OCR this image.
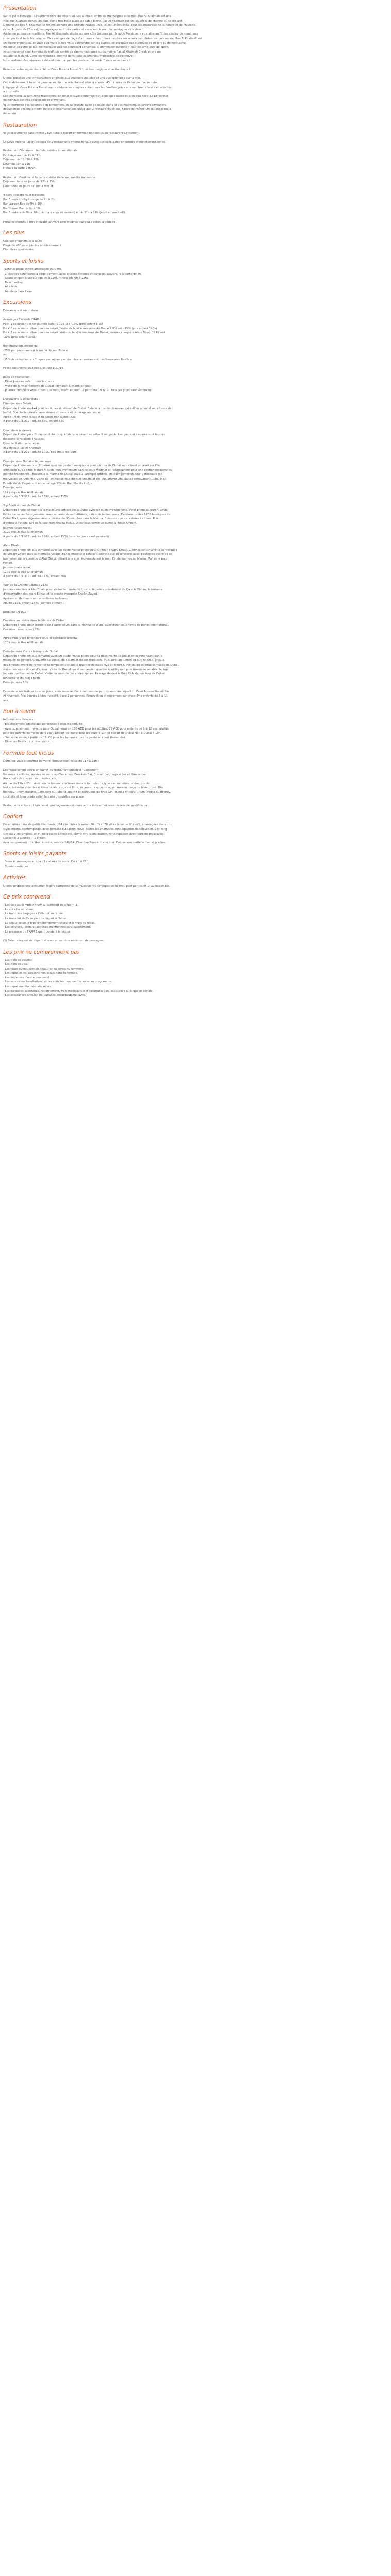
Présentation
Sur le golfe Persique, à l'extrême nord du désert du Ras al-Khaïr, entre les montagnes et la mer, Ras Al Khaimah est une
ville aux nuances riches. En plus d'une très belle plage de sable blanc, Ras Al Khaimah est un lieu plein de charme où se mêlent
L'Emirat de Ras Al Khaimah se trouve au nord des Emirats Arabes Unis. Ici est un lieu idéal pour les amoureux de la nature et de l'histoire,
riche. Au sein de l'Emirat, les paysages sont très variés et associent la mer, la montagne et le désert.
Ancienne puissance maritime, Ras Al Khaimah, située sur une côte baignée par le golfe Persique, a vu naître au fil des siècles de nombreux
cités, ports et forts historiques. Des vestiges de l'âge du bronze et les ruines de cités anciennes complètent ce patrimoine. Ras Al Khaimah est
en pleine expansion, et vous pourrez à la fois vous y détendre sur les plages, et découvrir ses étendues de désert ou de montagne.
Au coeur de votre séjour, ne manquez pas les courses de chameaux, immersion garantie ! Pour les amateurs de sport,
vous trouverez deux terrains de golf, un centre de sports nautiques sur la rivière Ras al Khaimah Creek et le parc
aquatique Iceland. Cette polyvalence, comme dans tous les Emirats, impossible de s'ennuyer.
Vous préférez des journées à déboulonner un peu les pieds sur le sable ? Vous serez ravis !
Réservez votre séjour dans l'hôtel Cove Rotana Resort 5*, un lieu magique et authentique !
L'hôtel possède une infrastructure originale aux couleurs chaudes et une vue splendide sur la mer.
Cet établissement haut de gamme au charme oriental est situé à environ 45 minutes de Dubaï par l'autoroute.
L'équipe du Cove Rotana Resort saura séduire les couples autant que les familles grâce aux nombreux loisirs et activités
à proximité.
Les chambres, alliant style traditionnel oriental et style contemporain, sont spacieuses et bien équipées. Le personnel
multilingue est très accueillant et prévenant.
Vous profiterez des piscines à débordement, de la grande plage de sable blanc et des magnifiques jardins paysagers.
dégustation des mets traditionnels et internationaux grâce aux 2 restaurants et aux 4 bars de l'hôtel. Un lieu magique à
découvrir !
Restauration
Vous séjournerez dans l'hôtel Cove Rotana Resort en formule tout inclus au restaurant Cinnamon.
Le Cove Rotana Resort dispose de 2 restaurants internationaux avec des spécialités orientales et méditerranéennes.
Restaurant Cinnamon : buffets, cuisine internationale.
Petit déjeuner de 7h à 11h.
Déjeuner de 12h30 à 15h.
Dîner de 19h à 23h.
Menu à la carte 24h/24.
Restaurant Basilico : à la carte cuisine italienne, méditerranéenne.
Déjeuner tous les jours de 12h à 15h.
Dîner tous les jours de 18h à minuit.
4 bars : collations et boissons.
Bar Breeze Lobby Lounge de 9h à 2h.
Bar Lagoon Bay de 9h à 19h.
Bar Sunset Bar de 9h à 19h.
Bar Breakers de 9h à 19h (de mars en/à au samedi) et de 11h à 21h (jeudi et vendredi).
Horaires donnés à titre indicatif pouvant être modifiés sur place selon la période.
Les plus
Une vue magnifique a toute
Plage de 600 m et piscine à débordement
Chambres spacieuses
Sports et loisirs
. Longue plage privée aménagée (600 m).
. 2 piscines extérieures à débordement, avec chaises longues et parasols. Ouverture à partir de 7h.
. Sauna et bain à vapeur (de 7h à 22h), fitness (de 6h à 22h).
. Beach volley.
. Aérobics.
. Aérobics dans l'eau.
Excursions
Découverte & excursions
Avantages Exclusifs FRAM :
Pack 1 excursion : dîner journée safari / 79$ soit -10% (prix enfant 51$)
Pack 2 excursions : dîner journée safari / visite de la ville moderne de Dubaï 210$ soit -15% (prix enfant 146$)
Pack 3 excursions : dîner journée safari, visite de la ville moderne de Dubaï, journée complète Abou Dhabi 291$ soit
-20% (prix enfant 206$)
Bénéficiez également de :
-25% par personne sur le menu du jour Arôme
ou
-25% de réduction sur 1 repas par séjour par chambre au restaurant méditerranéen Basilico.
Packs excursions valables jusqu'au 1/11/19.
Jours de réalisation :
- Dîner journée safari : tous les jours
- Visite de la ville moderne de Dubaï : dimanche, mardi et jeudi
- Journée complète Abou Dhabi : samedi, mardi et jeudi (à partir du 1/11/19 : tous les jours sauf vendredi)
Découverte & excursions :
Dîner journée Safari
Départ de l'hôtel en 4x4 pour les dunes du désert de Dubaï. Balade à dos de chameau, puis dîner oriental sous forme de
buffet. Spectacle oriental avec danse du ventre et tatouage au henné.
Après - Midi (avec repas et boissons non alcool) 82$
À partir du 1/11/19 : adulte 88$, enfant 57$
Quad dans le désert
Départ de l'hôtel puis 2h de conduite de quad dans le désert en suivant un guide. Les gants et casques sont fournis.
Boissons sans alcool incluses.
Quad le Matin (sans repas)
96$ depuis Ras Al Khaimah
À partir du 1/11/19 : adulte 101$, 86$ (tous les jours)
Demi-journée Dubaï ville moderne
Départ de l'hôtel en bus climatisé avec un guide francophone pour un tour de Dubaï en incluant un arrêt sur l'île
artificielle ou se situe le Burj Al Arab, puis immersion dans le souk Madinat et l'atmosphère pour une section moderne du
marché traditionnel. Ensuite à la marina de Dubaï, puis à l'archipel artificiel de Palm Jumeirah pour y découvrir les
merveilles de l'Atlantis. Visite de l'immense tour du Burj Khalifa et de l'Aquarium) vital dans l'extravagant Dubaï Mall.
Possibilité de l'aquarium et de l'étage 124 du Burj Khalifa inclus.
Demi-journée
124$ depuis Ras Al Khaimah
À partir du 1/11/19 : adulte 159$, enfant 115$
Top 5 attractions de Dubaï
Départ de l'hôtel et tour des 5 meilleures attractions à Dubaï avec un guide Francophone. Arrêt photo au Burj Al Arab.
Petite pause au Palm Jumeirah avec un arrêt devant Atlantis, palais de la démesure. Découverte des 1200 boutiques du
Dubaï Mall, après déjeuner avec croisière de 30 minutes dans la Marina. Boissons non alcoolisées incluses. Puis
d'entrée à l'étage 124 de la tour Burj Khalifa inclus. Dîner sous forme de buffet à l'hôtel Armani.
Journée (avec repas)
212$ depuis Ras Al Khaimah
À partir du 1/11/19 : adulte 226$, enfant 151$ (tous les jours sauf vendredi)
Abou Dhabi
Départ de l'hôtel en bus climatisé avec un guide Francophone pour un tour d'Abou Dhabi. L'édifice est un arrêt à la mosquée
de Sheikh Zayed puis au Heritage Village. Faites ensuite le palace d'Emirats aux décorations aussi opulentes avant de se
promener sur la corniche d'Abu Dhabi, offrant une vue imprenable sur la mer. Fin de journée au Marina Mall et le parc
Ferrari.
Journée (sans repas)
120$ depuis Ras Al Khaimah
À partir du 1/11/19 : adulte 117$, enfant 86$
Tour de la Grande Capitale 212$
Journée complète à Abu Dhabi pour visiter le musée du Louvre, le palais présidentiel de Qasr Al Watan, la terrasse
d'observation des tours Etihad et la grande mosquée Sheikh Zayed.
Après-midi (boissons non alcoolisées incluses)
Adulte 212$, enfant 137$ (samedi et mardi)
Jusqu'au 1/11/19 :
Croisière en boutre dans la Marina de Dubaï
Départ de l'hôtel pour croisière en boutre de 2h dans la Marina de Dubaï avec dîner sous forme de buffet international.
Croisière (avec repas) 88$
Après-Midi (avec dîner barbecue et spectacle oriental)
110$ depuis Ras Al Khaimah
Demi-journée Visite classique de Dubaï
Départ de l'hôtel en bus climatisé avec un guide Francophone pour la découverte de Dubaï en commençant par la
mosquée de Jumeirah, ouverte au public, de l'islam et de ses traditions. Puis arrêt au tunnel du Burj Al Arab, joyaux
des Emirats avant de remonter le temps en visitant le quartier de Bastakiya et le fort Al Fahidi, où se situe le musée de Dubaï.
visiter les souks d'or et d'épices. Visite de Bastakiya et son ancien quartier traditionnel, puis traversée en abra, le taxi
bateau traditionnel de Dubaï. Visite du souk de l'or et des épices. Passage devant le Burj Al Arab puis tour de Dubaï
moderne et du Burj Khalifa.
Demi-journée 50$
Excursions réalisables tous les jours, sous réserve d'un minimum de participants, au départ du Cove Rotana Resort Ras
Al Khaimah. Prix donnés à titre indicatif, base 2 personnes. Réservation et règlement sur place. Prix enfants de 3 à 11
ans.
Bon à savoir
Informations diverses :
- Etablissement adapté aux personnes à mobilité réduite.
- Avec supplément : navette pour Dubaï (environ 150 AED pour les adultes, 75 AED pour enfants de 6 à 12 ans, gratuit
pour les enfants de moins de 6 ans). Départ de l'hôtel tous les jours à 11h et départ de Dubaï Mall à Dubaï à 19h.
- Tenue de soirée à partir de 19h00 pour les hommes, pas de pantalon court (bermuda).
- Dîner au Basilico sur réservation.
Formule tout inclus
Déroulez-vous et profitez de votre formule tout inclus de 11h à 23h :
Les repas seront servis en buffet du restaurant principal "Cinnamon"
Boissons à volonté, servies au verre au Cinnamon, Breakers Bar, Sunset bar, Lagoon bar et Breeze bar.
Aux courts des repas : eau, sodas, vin.
Au bar de 11h à 23h, sélection de boissons incluses dans la formule, de type eau minérale, sodas, jus de
fruits, boissons chaudes et bière locale, vin, café filtre, expresso, cappuccino, vin maison rouge ou blanc, rosé, Gin
Bombay, Rhum Bacardi, Carlsberg ou Tuborg, apéritif et spiritueux de type Gin, Tequila Whisky, Rhum, Vodka ou Brandy,
cocktails et long drinks selon la carte disponible sur place.
Restaurants et bars : Horaires et aménagements donnés à titre indicatif et sous réserve de modification.
Confort
Dissimulées dans de petits bâtiments, 204 chambres (environ 30 m²) et 78 villas (environ 119 m²), aménagées dans un
style oriental contemporain avec terrasse ou balcon privé. Toutes les chambres sont équipées de télévision, 2 lit King
size ou 2 lits simples, Wi-Fi, nécessaire à thé/café, coffre-fort, climatisation, fer à repasser avec table de repassage.
Capacité: 2 adultes + 1 enfant.
Avec supplément : minibar, cuisine, service 24h/24. Chambre Premium vue mer. Deluxe vue partielle mer et piscine.
Sports et loisirs payants
. Soins et massages au spa : 7 cabines de soins. De 9h à 21h.
. Sports nautiques.
Activités
L'hôtel propose une animation légère composée de la musique live (groupes de bilans), post parties et DJ au beach bar.
Ce prix comprend
- Les vols au comptoir FRAM à l'aéroport de départ (1).
- Le vol aller et retour.
- La franchise bagages à l'aller et au retour.
- Le transfert de l'aéroport de départ à l'hôtel.
- Le séjour selon le type d'hébergement choisi et le type de repas.
- Les services, loisirs et activités mentionnés sans supplément.
- La présence du FRAM Expert pendant le séjour.
(1) Selon aéroport de départ et avec un nombre minimum de passagers.
Les prix ne comprennent pas
- Les frais de dossier.
- Les frais de visa.
- Les taxes éventuelles de séjour et de sortie du territoire.
- Les repas et les boissons non inclus dans la formule.
- Les dépenses d'ordre personnel.
- Les excursions facultatives, et les activités non mentionnées au programme.
- Les repas mentionnés non inclus.
- Les garanties assistance, rapatriement, frais médicaux et d'hospitalisation, assistance juridique et pénale.
- Les assurances annulation, bagages, responsabilité civile.
